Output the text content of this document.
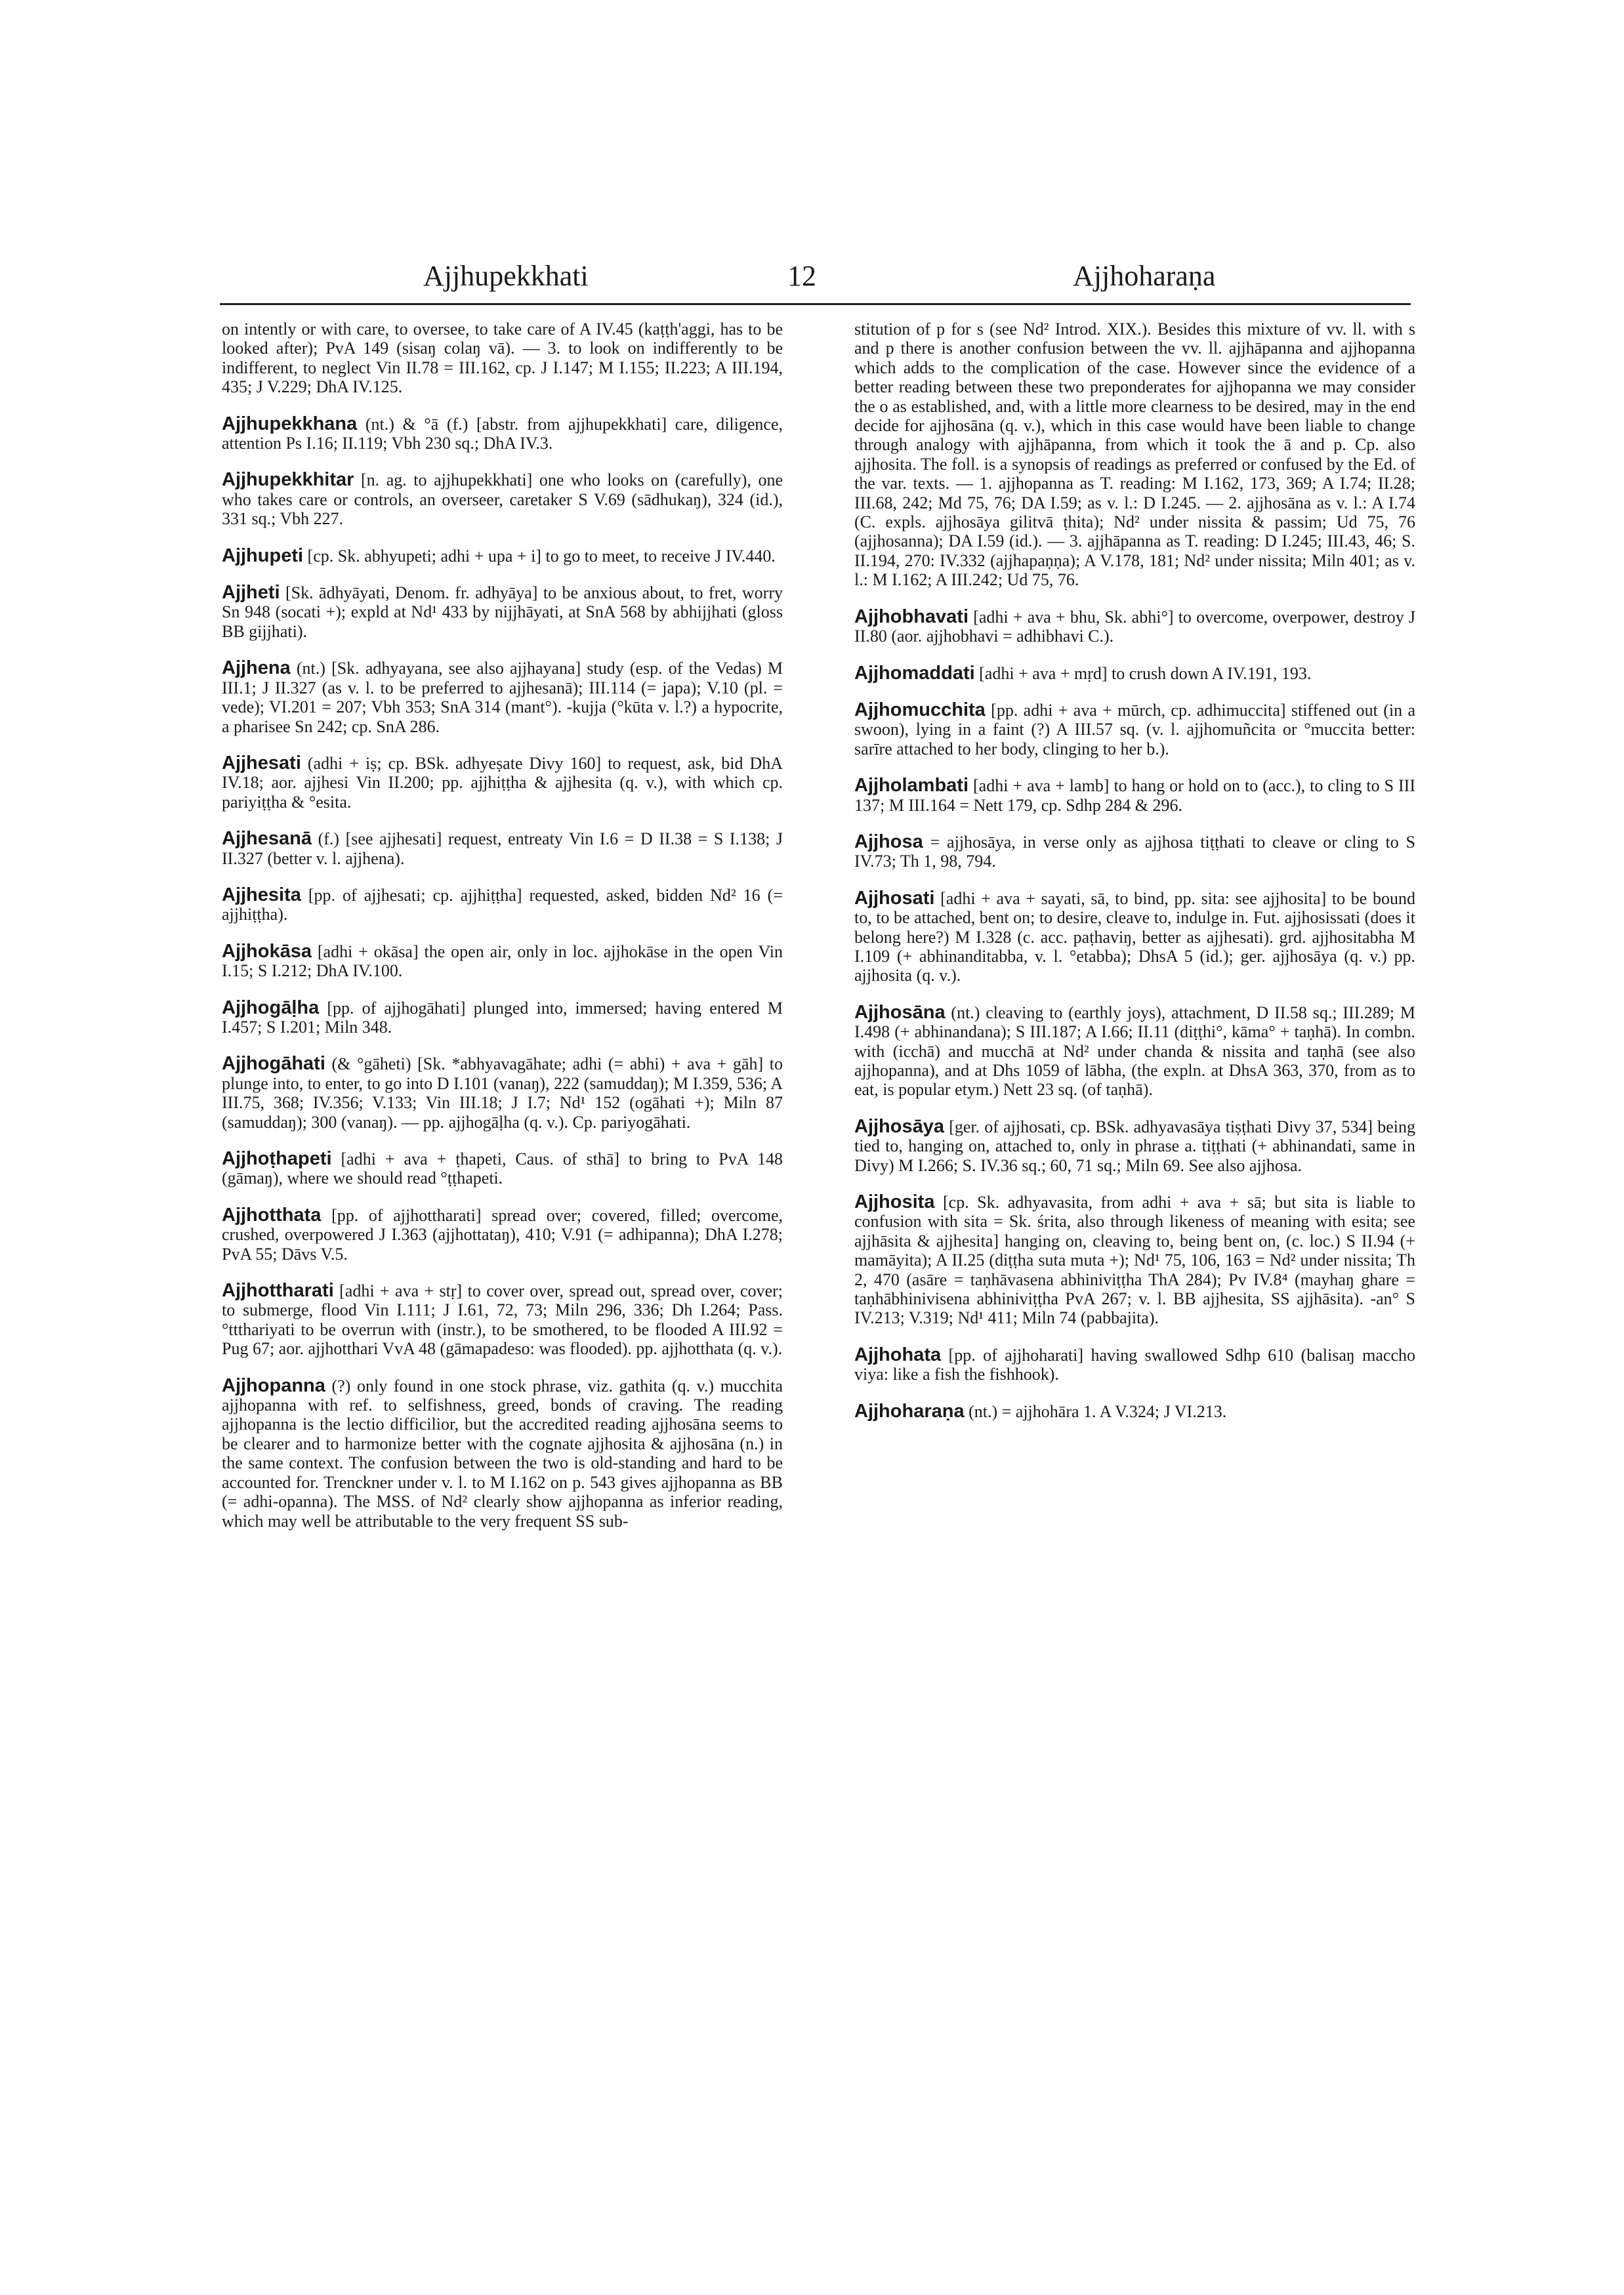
Ajjhupekkhati	12	Ajjhoharaṇa
on intently or with care, to oversee, to take care of A IV.45 (kaṭṭh'aggi, has to be looked after); PvA 149 (sisaŋ colaŋ vā). — 3. to look on indifferently to be indifferent, to neglect Vin II.78 = III.162, cp. J I.147; M I.155; II.223; A III.194, 435; J V.229; DhA IV.125.
Ajjhupekkhana (nt.) & °ā (f.) [abstr. from ajjhupekkhati] care, diligence, attention Ps I.16; II.119; Vbh 230 sq.; DhA IV.3.
Ajjhupekkhitar [n. ag. to ajjhupekkhati] one who looks on (carefully), one who takes care or controls, an overseer, caretaker S V.69 (sādhukaŋ), 324 (id.), 331 sq.; Vbh 227.
Ajjhupeti [cp. Sk. abhyupeti; adhi + upa + i] to go to meet, to receive J IV.440.
Ajjheti [Sk. ādhyāyati, Denom. fr. adhyāya] to be anxious about, to fret, worry Sn 948 (socati +); expld at Nd¹ 433 by nijjhāyati, at SnA 568 by abhijjhati (gloss BB gijjhati).
Ajjhena (nt.) [Sk. adhyayana, see also ajjhayana] study (esp. of the Vedas) M III.1; J II.327 (as v. l. to be preferred to ajjhesanā); III.114 (= japa); V.10 (pl. = vede); VI.201 = 207; Vbh 353; SnA 314 (mant°). -kujja (°kūta v. l.?) a hypocrite, a pharisee Sn 242; cp. SnA 286.
Ajjhesati (adhi + iṣ; cp. BSk. adhyeṣate Divy 160] to request, ask, bid DhA IV.18; aor. ajjhesi Vin II.200; pp. ajjhiṭṭha & ajjhesita (q. v.), with which cp. pariyiṭṭha & °esita.
Ajjhesanā (f.) [see ajjhesati] request, entreaty Vin I.6 = D II.38 = S I.138; J II.327 (better v. l. ajjhena).
Ajjhesita [pp. of ajjhesati; cp. ajjhiṭṭha] requested, asked, bidden Nd² 16 (= ajjhiṭṭha).
Ajjhokāsa [adhi + okāsa] the open air, only in loc. ajjhokāse in the open Vin I.15; S I.212; DhA IV.100.
Ajjhogāḷha [pp. of ajjhogāhati] plunged into, immersed; having entered M I.457; S I.201; Miln 348.
Ajjhogāhati (& °gāheti) [Sk. *abhyavagāhate; adhi (= abhi) + ava + gāh] to plunge into, to enter, to go into D I.101 (vanaŋ), 222 (samuddaŋ); M I.359, 536; A III.75, 368; IV.356; V.133; Vin III.18; J I.7; Nd¹ 152 (ogāhati +); Miln 87 (samuddaŋ); 300 (vanaŋ). — pp. ajjhogāḷha (q. v.). Cp. pariyogāhati.
Ajjhoṭhapeti [adhi + ava + ṭhapeti, Caus. of sthā] to bring to PvA 148 (gāmaŋ), where we should read °ṭṭhapeti.
Ajjhotthata [pp. of ajjhottharati] spread over; covered, filled; overcome, crushed, overpowered J I.363 (ajjhottataŋ), 410; V.91 (= adhipanna); DhA I.278; PvA 55; Dāvs V.5.
Ajjhottharati [adhi + ava + stṛ] to cover over, spread out, spread over, cover; to submerge, flood Vin I.111; J I.61, 72, 73; Miln 296, 336; Dh I.264; Pass. °ttthariyati to be overrun with (instr.), to be smothered, to be flooded A III.92 = Pug 67; aor. ajjhotthari VvA 48 (gāmapadeso: was flooded). pp. ajjhotthata (q. v.).
Ajjhopanna (?) only found in one stock phrase, viz. gathita (q. v.) mucchita ajjhopanna with ref. to selfishness, greed, bonds of craving. The reading ajjhopanna is the lectio difficilior, but the accredited reading ajjhosāna seems to be clearer and to harmonize better with the cognate ajjhosita & ajjhosāna (n.) in the same context. The confusion between the two is old-standing and hard to be accounted for. Trenckner under v. l. to M I.162 on p. 543 gives ajjhopanna as BB (= adhi-opanna). The MSS. of Nd² clearly show ajjhopanna as inferior reading, which may well be attributable to the very frequent SS sub-
stitution of p for s (see Nd² Introd. XIX.). Besides this mixture of vv. ll. with s and p there is another confusion between the vv. ll. ajjhāpanna and ajjhopanna which adds to the complication of the case. However since the evidence of a better reading between these two preponderates for ajjhopanna we may consider the o as established, and, with a little more clearness to be desired, may in the end decide for ajjhosāna (q. v.), which in this case would have been liable to change through analogy with ajjhāpanna, from which it took the ā and p. Cp. also ajjhosita. The foll. is a synopsis of readings as preferred or confused by the Ed. of the var. texts. — 1. ajjhopanna as T. reading: M I.162, 173, 369; A I.74; II.28; III.68, 242; Md 75, 76; DA I.59; as v. l.: D I.245. — 2. ajjhosāna as v. l.: A I.74 (C. expls. ajjhosāya gilitvā ṭhita); Nd² under nissita & passim; Ud 75, 76 (ajjhosanna); DA I.59 (id.). — 3. ajjhāpanna as T. reading: D I.245; III.43, 46; S. II.194, 270: IV.332 (ajjhapaṇṇa); A V.178, 181; Nd² under nissita; Miln 401; as v. l.: M I.162; A III.242; Ud 75, 76.
Ajjhobhavati [adhi + ava + bhu, Sk. abhi°] to overcome, overpower, destroy J II.80 (aor. ajjhobhavi = adhibhavi C.).
Ajjhomaddati [adhi + ava + mṛd] to crush down A IV.191, 193.
Ajjhomucchita [pp. adhi + ava + mūrch, cp. adhimuccita] stiffened out (in a swoon), lying in a faint (?) A III.57 sq. (v. l. ajjhomuñcita or °muccita better: sarīre attached to her body, clinging to her b.).
Ajjholambati [adhi + ava + lamb] to hang or hold on to (acc.), to cling to S III 137; M III.164 = Nett 179, cp. Sdhp 284 & 296.
Ajjhosa = ajjhosāya, in verse only as ajjhosa tiṭṭhati to cleave or cling to S IV.73; Th 1, 98, 794.
Ajjhosati [adhi + ava + sayati, sā, to bind, pp. sita: see ajjhosita] to be bound to, to be attached, bent on; to desire, cleave to, indulge in. Fut. ajjhosissati (does it belong here?) M I.328 (c. acc. paṭhaviŋ, better as ajjhesati). grd. ajjhositabha M I.109 (+ abhinanditabba, v. l. °etabba); DhsA 5 (id.); ger. ajjhosāya (q. v.) pp. ajjhosita (q. v.).
Ajjhosāna (nt.) cleaving to (earthly joys), attachment, D II.58 sq.; III.289; M I.498 (+ abhinandana); S III.187; A I.66; II.11 (diṭṭhi°, kāma° + taṇhā). In combn. with (icchā) and mucchā at Nd² under chanda & nissita and taṇhā (see also ajjhopanna), and at Dhs 1059 of lābha, (the expln. at DhsA 363, 370, from as to eat, is popular etym.) Nett 23 sq. (of taṇhā).
Ajjhosāya [ger. of ajjhosati, cp. BSk. adhyavasāya tiṣṭhati Divy 37, 534] being tied to, hanging on, attached to, only in phrase a. tiṭṭhati (+ abhinandati, same in Divy) M I.266; S. IV.36 sq.; 60, 71 sq.; Miln 69. See also ajjhosa.
Ajjhosita [cp. Sk. adhyavasita, from adhi + ava + sā; but sita is liable to confusion with sita = Sk. śrita, also through likeness of meaning with esita; see ajjhāsita & ajjhesita] hanging on, cleaving to, being bent on, (c. loc.) S II.94 (+ mamāyita); A II.25 (diṭṭha suta muta +); Nd¹ 75, 106, 163 = Nd² under nissita; Th 2, 470 (asāre = taṇhāvasena abhiniviṭṭha ThA 284); Pv IV.8⁴ (mayhaŋ ghare = taṇhābhinivisena abhiniviṭṭha PvA 267; v. l. BB ajjhesita, SS ajjhāsita). -an° S IV.213; V.319; Nd¹ 411; Miln 74 (pabbajita).
Ajjhohata [pp. of ajjhoharati] having swallowed Sdhp 610 (balisaŋ maccho viya: like a fish the fishhook).
Ajjhoharaṇa (nt.) = ajjhohāra 1. A V.324; J VI.213.
